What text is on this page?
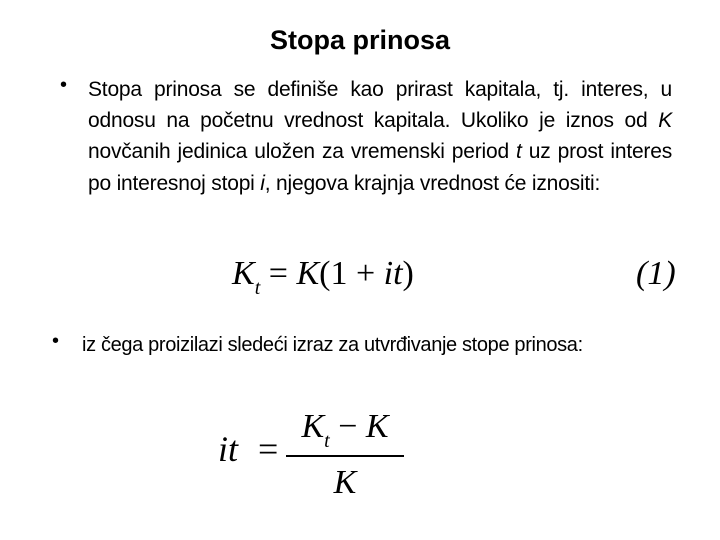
Stopa prinosa
• Stopa prinosa se definiše kao prirast kapitala, tj. interes, u odnosu na početnu vrednost kapitala. Ukoliko je iznos od K novčanih jedinica uložen za vremenski period t uz prost interes po interesnoj stopi i, njegova krajnja vrednost će iznositi:
$K_t = K(1 + it)$	(1)
• iz čega proizilazi sledeći izraz za utvrđivanje stope prinosa:
it =
$K_t - K$
K
